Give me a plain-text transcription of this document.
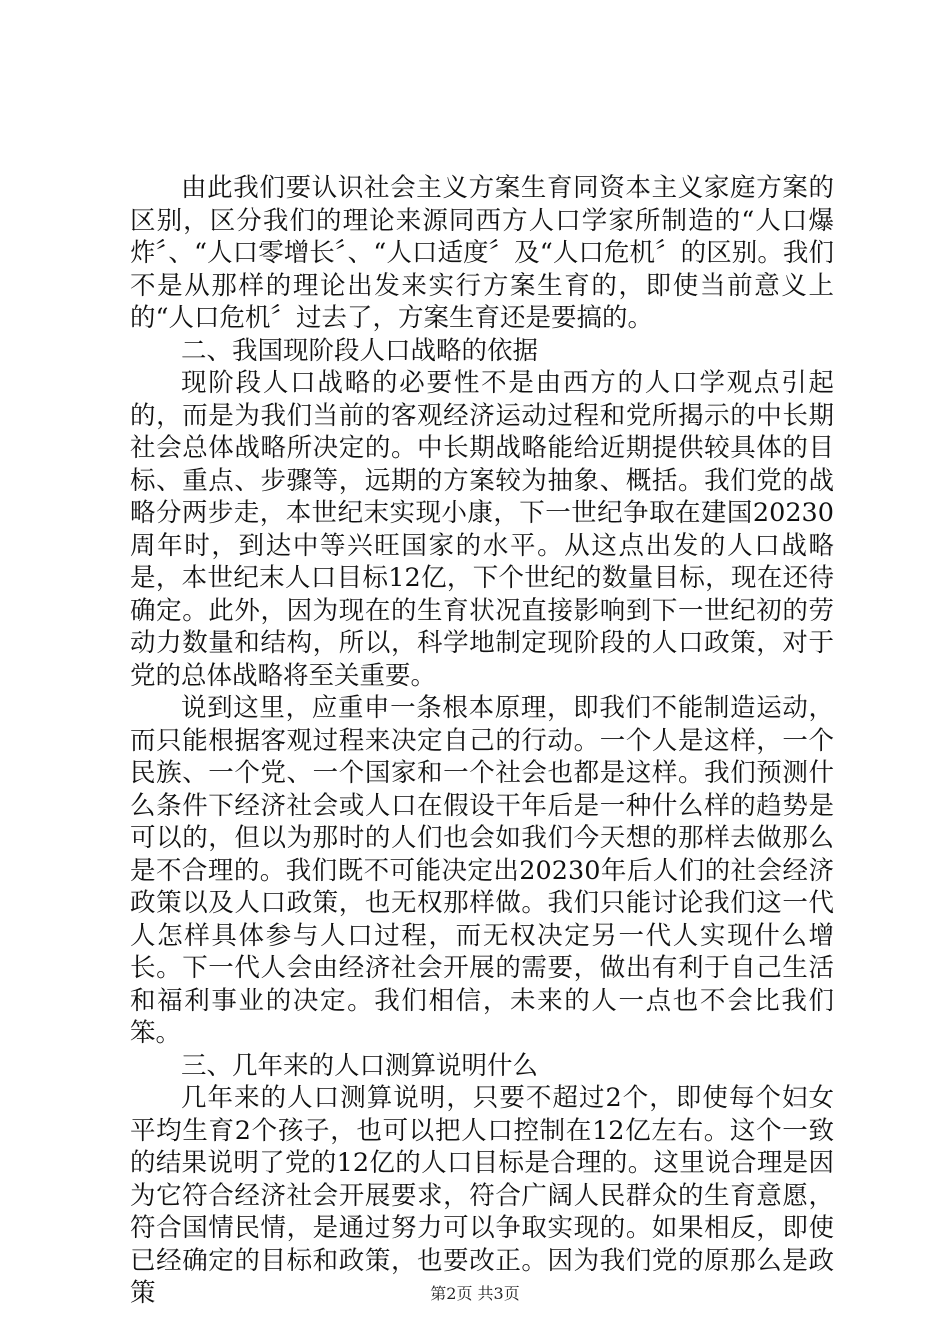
由此我们要认识社会主义方案生育同资本主义家庭方案的区别，区分我们的理论来源同西方人口学家所制造的“人口爆炸〞、“人口零增长〞、“人口适度〞及“人口危机〞的区别。我们不是从那样的理论出发来实行方案生育的，即使当前意义上的“人口危机〞过去了，方案生育还是要搞的。

二、我国现阶段人口战略的依据

现阶段人口战略的必要性不是由西方的人口学观点引起的，而是为我们当前的客观经济运动过程和党所揭示的中长期社会总体战略所决定的。中长期战略能给近期提供较具体的目标、重点、步骤等，远期的方案较为抽象、概括。我们党的战略分两步走，本世纪末实现小康，下一世纪争取在建国20230周年时，到达中等兴旺国家的水平。从这点出发的人口战略是，本世纪末人口目标12亿，下个世纪的数量目标，现在还待确定。此外，因为现在的生育状况直接影响到下一世纪初的劳动力数量和结构，所以，科学地制定现阶段的人口政策，对于党的总体战略将至关重要。

说到这里，应重申一条根本原理，即我们不能制造运动，而只能根据客观过程来决定自己的行动。一个人是这样，一个民族、一个党、一个国家和一个社会也都是这样。我们预测什么条件下经济社会或人口在假设干年后是一种什么样的趋势是可以的，但以为那时的人们也会如我们今天想的那样去做那么是不合理的。我们既不可能决定出20230年后人们的社会经济政策以及人口政策，也无权那样做。我们只能讨论我们这一代人怎样具体参与人口过程，而无权决定另一代人实现什么增长。下一代人会由经济社会开展的需要，做出有利于自己生活和福利事业的决定。我们相信，未来的人一点也不会比我们笨。

三、几年来的人口测算说明什么

几年来的人口测算说明，只要不超过2个，即使每个妇女平均生育2个孩子，也可以把人口控制在12亿左右。这个一致的结果说明了党的12亿的人口目标是合理的。这里说合理是因为它符合经济社会开展要求，符合广阔人民群众的生育意愿，符合国情民情，是通过努力可以争取实现的。如果相反，即使已经确定的目标和政策，也要改正。因为我们党的原那么是政策	第2页 共3页
